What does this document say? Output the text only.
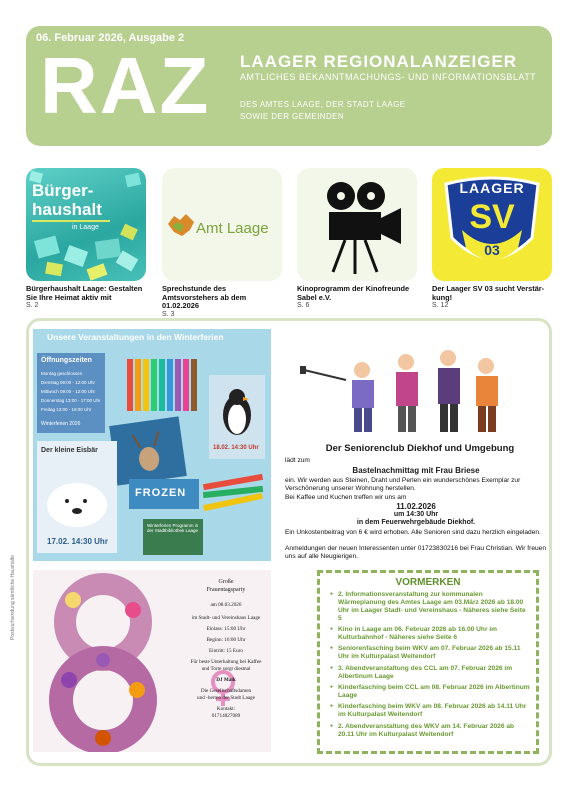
06. Februar 2026, Ausgabe 2
RAZ LAAGER REGIONALANZEIGER
AMTLICHES BEKANNTMACHUNGS- UND INFORMATIONSBLATT
DES AMTES LAAGE, DER STADT LAAGE
SOWIE DER GEMEINDEN
Bürger-
haushalt
in Laage
Bürgerhaushalt Laage: Gestalten Sie Ihre Heimat aktiv mit
S. 2
Amt Laage
Sprechstunde des Amtsvorstehers ab dem 01.02.2026
S. 3
Kinoprogramm der Kinofreunde Sabel e.V.
S. 6
LAAGER
SV
03
Der Laager SV 03 sucht Verstär-kung!
S. 12
Unsere Veranstaltungen in den Winterferien
Öffnungszeiten
Montag geschlossen
Dienstag 09:00 - 12:00 Uhr
Mittwoch 09:00 - 12:00 Uhr
Donnerstag 13:00 - 17:00 Uhr
Freitag 13:00 - 16:00 Uhr
Winterferien 2026
18.02. 14:30 Uhr
Der kleine Eisbär
17.02. 14:30 Uhr
FROZEN
Winterferien Programm in der Stadtbibliothek Laage
Der Seniorenclub Diekhof und Umgebung
lädt zum
Bastelnachmittag mit Frau Briese
ein. Wir werden aus Steinen, Draht und Perlen ein wunderschönes Exemplar zur Verschönerung unserer Wohnung herstellen.
Bei Kaffee und Kuchen treffen wir uns am
11.02.2026
um 14:30 Uhr
in dem Feuerwehrgebäude Diekhof.
Ein Unkostenbeitrag von 6 € wird erhoben. Alle Senioren sind dazu herzlich eingeladen.
Anmeldungen der neuen Interessenten unter 01723830216 bei Frau Christian. Wir freuen uns auf alle Neugierigen.
Große
Frauentagsparty
am 08.03.2026
im Stadt- und Vereinshaus Laage
Einlass: 15:00 Uhr
Beginn: 16:00 Uhr
Eintritt: 15 Euro
Für beste Unterhaltung bei Kaffee
und Torte sorgt diesmal
DJ Maik
Die Gesellschaftsdamen
und -herren der Stadt Laage
Kontakt:
01714827089
VORMERKEN
● 2. Informationsveranstaltung zur kommunalen Wärmeplanung des Amtes Laage am 03.März 2026 ab 18.00 Uhr im Laager Stadt- und Vereinshaus - Näheres siehe Seite 5
● Kino in Laage am 06. Februar 2026 ab 16.00 Uhr im Kulturbahnhof - Näheres siehe Seite 6
● Seniorenfasching beim WKV am 07. Februar 2026 ab 15.11 Uhr im Kulturpalast Weitendorf
● 3. Abendveranstaltung des CCL am 07. Februar 2026 im Albertinum Laage
● Kinderfasching beim CCL am 08. Februar 2026 im Albertinum Laage
● Kinderfasching beim WKV am 08. Februar 2026 ab 14.11 Uhr im Kulturpalast Weitendorf
● 2. Abendveranstaltung des WKV am 14. Februar 2026 ab 20.11 Uhr im Kulturpalast Weitendorf
Postwurfsendung sämtliche Haushalte
